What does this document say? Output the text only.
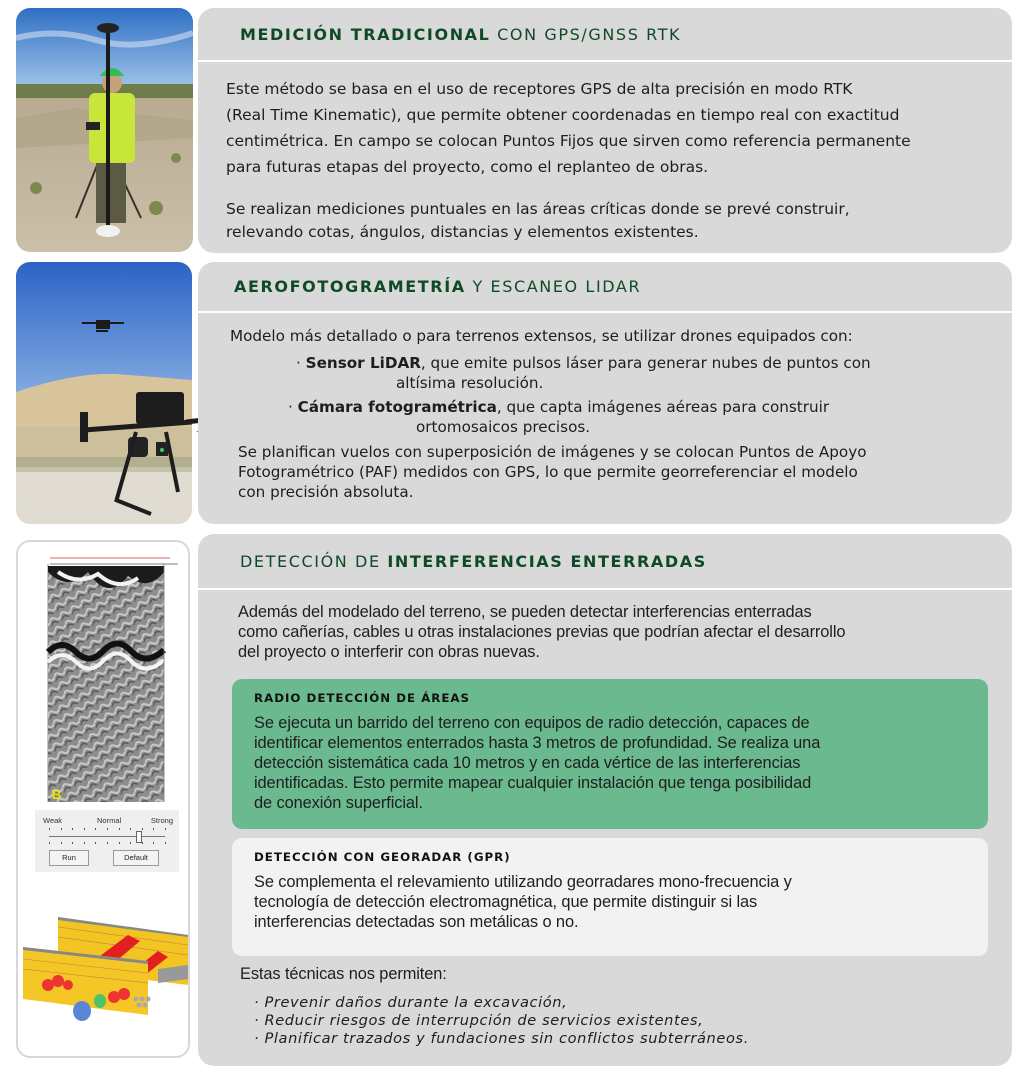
MEDICIÓN TRADICIONAL CON GPS/GNSS RTK
Este método se basa en el uso de receptores GPS de alta precisión en modo RTK
(Real Time Kinematic), que permite obtener coordenadas en tiempo real con exactitud
centimétrica. En campo se colocan Puntos Fijos que sirven como referencia permanente
para futuras etapas del proyecto, como el replanteo de obras.
Se realizan mediciones puntuales en las áreas críticas donde se prevé construir,
relevando cotas, ángulos, distancias y elementos existentes.
AEROFOTOGRAMETRÍA Y ESCANEO LIDAR
Modelo más detallado o para terrenos extensos, se utilizar drones equipados con:
· Sensor LiDAR, que emite pulsos láser para generar nubes de puntos con
altísima resolución.
· Cámara fotogramétrica, que capta imágenes aéreas para construir
ortomosaicos precisos.
Se planifican vuelos con superposición de imágenes y se colocan Puntos de Apoyo
Fotogramétrico (PAF) medidos con GPS, lo que permite georreferenciar el modelo
con precisión absoluta.
B
Weak	Normal	Strong
Run	Default
DETECCIÓN DE INTERFERENCIAS ENTERRADAS
Además del modelado del terreno, se pueden detectar interferencias enterradas
como cañerías, cables u otras instalaciones previas que podrían afectar el desarrollo
del proyecto o interferir con obras nuevas.
RADIO DETECCIÓN DE ÁREAS
Se ejecuta un barrido del terreno con equipos de radio detección, capaces de
identificar elementos enterrados hasta 3 metros de profundidad. Se realiza una
detección sistemática cada 10 metros y en cada vértice de las interferencias
identificadas. Esto permite mapear cualquier instalación que tenga posibilidad
de conexión superficial.
DETECCIÓN CON GEORADAR (GPR)
Se complementa el relevamiento utilizando georradares mono-frecuencia y
tecnología de detección electromagnética, que permite distinguir si las
interferencias detectadas son metálicas o no.
Estas técnicas nos permiten:
· Prevenir daños durante la excavación,
· Reducir riesgos de interrupción de servicios existentes,
· Planificar trazados y fundaciones sin conflictos subterráneos.
